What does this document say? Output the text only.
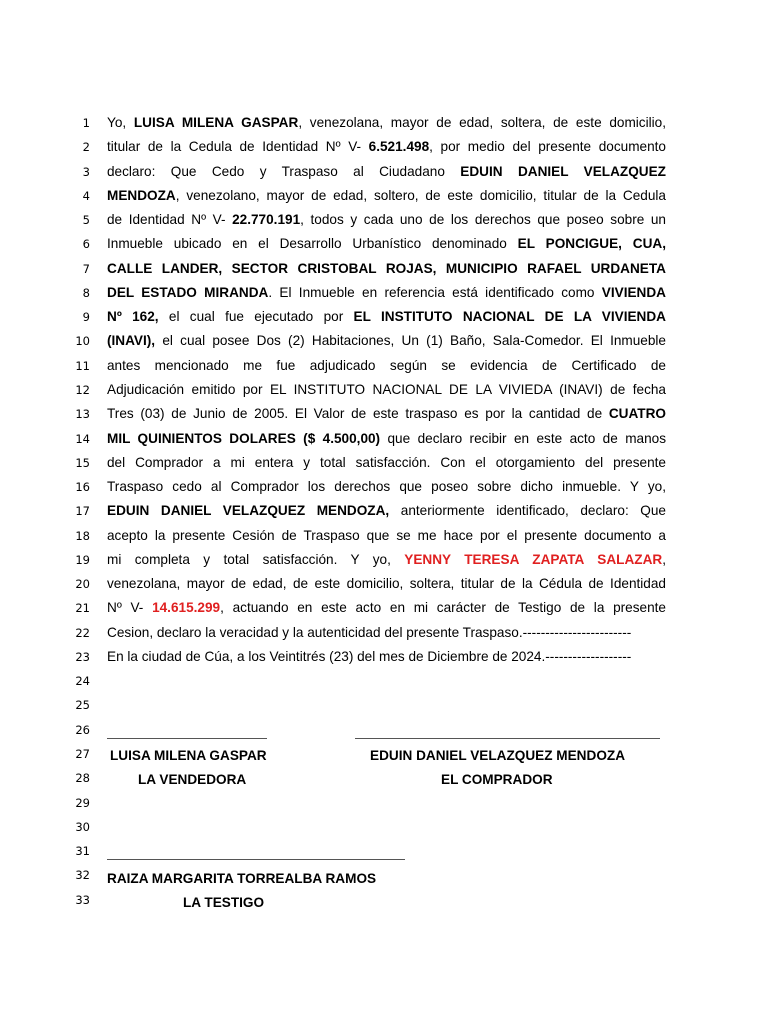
1
2
3
4
5
6
7
8
9
10
11
12
13
14
15
16
17
18
19
20
21
22
23
24
25
26
27
28
29
30
31
32
33
Yo, LUISA MILENA GASPAR, venezolana, mayor de edad, soltera, de este domicilio,
titular de la Cedula de Identidad Nº V- 6.521.498, por medio del presente documento
declaro: Que Cedo y Traspaso al Ciudadano EDUIN DANIEL VELAZQUEZ
MENDOZA, venezolano, mayor de edad, soltero, de este domicilio, titular de la Cedula
de Identidad Nº V- 22.770.191, todos y cada uno de los derechos que poseo sobre un
Inmueble ubicado en el Desarrollo Urbanístico denominado EL PONCIGUE, CUA,
CALLE LANDER, SECTOR CRISTOBAL ROJAS, MUNICIPIO RAFAEL URDANETA
DEL ESTADO MIRANDA. El Inmueble en referencia está identificado como VIVIENDA
Nº 162, el cual fue ejecutado por EL INSTITUTO NACIONAL DE LA VIVIENDA
(INAVI), el cual posee Dos (2) Habitaciones, Un (1) Baño, Sala-Comedor. El Inmueble
antes mencionado me fue adjudicado según se evidencia de Certificado de
Adjudicación emitido por EL INSTITUTO NACIONAL DE LA VIVIEDA (INAVI) de fecha
Tres (03) de Junio de 2005. El Valor de este traspaso es por la cantidad de CUATRO
MIL QUINIENTOS DOLARES ($ 4.500,00) que declaro recibir en este acto de manos
del Comprador a mi entera y total satisfacción. Con el otorgamiento del presente
Traspaso cedo al Comprador los derechos que poseo sobre dicho inmueble. Y yo,
EDUIN DANIEL VELAZQUEZ MENDOZA, anteriormente identificado, declaro: Que
acepto la presente Cesión de Traspaso que se me hace por el presente documento a
mi completa y total satisfacción. Y yo, YENNY TERESA ZAPATA SALAZAR,
venezolana, mayor de edad, de este domicilio, soltera, titular de la Cédula de Identidad
Nº V- 14.615.299, actuando en este acto en mi carácter de Testigo de la presente
Cesion, declaro la veracidad y la autenticidad del presente Traspaso.------------------------
En la ciudad de Cúa, a los Veintitrés (23) del mes de Diciembre de 2024.-------------------
LUISA MILENA GASPAR	EDUIN DANIEL VELAZQUEZ MENDOZA
LA VENDEDORA	EL COMPRADOR
RAIZA MARGARITA TORREALBA RAMOS
LA TESTIGO
